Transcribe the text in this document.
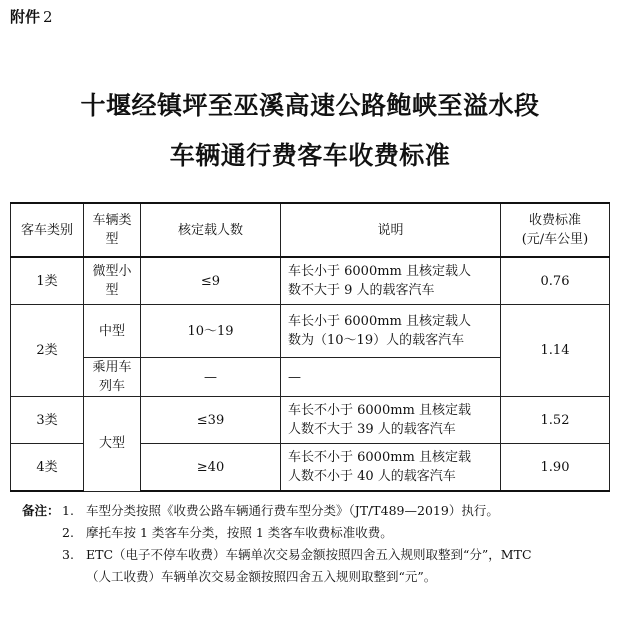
附件 2
十堰经镇坪至巫溪高速公路鲍峡至溢水段
车辆通行费客车收费标准
客车类别	车辆类型	核定载人数	说明	收费标准
(元/车公里)

1类	微型小型	≤9	车长小于 6000mm 且核定载人
数不大于 9 人的载客汽车	0.76
2类	中型	10～19	车长小于 6000mm 且核定载人
数为（10～19）人的载客汽车	1.14
	乘用车列车	—	—	
3类	大型	≤39	车长不小于 6000mm 且核定载
人数不大于 39 人的载客汽车	1.52
4类		≥40	车长不小于 6000mm 且核定载
人数不小于 40 人的载客汽车	1.90
备注： 1. 车型分类按照《收费公路车辆通行费车型分类》（JT/T489—2019）执行。
2. 摩托车按 1 类客车分类，按照 1 类客车收费标准收费。
3. ETC（电子不停车收费）车辆单次交易金额按照四舍五入规则取整到“分”，MTC
（人工收费）车辆单次交易金额按照四舍五入规则取整到“元”。
